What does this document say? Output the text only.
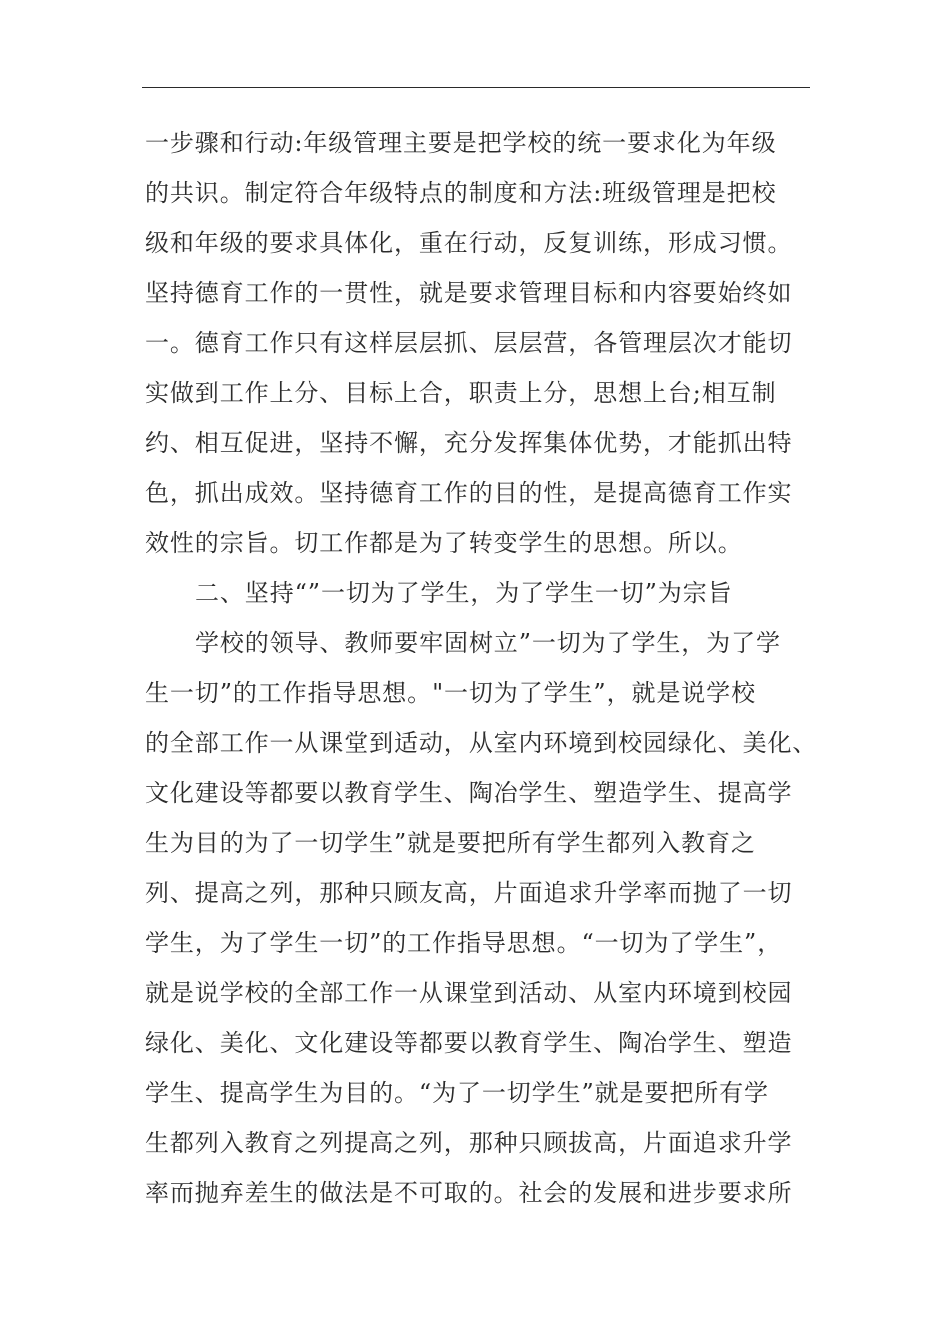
一步骤和行动:年级管理主要是把学校的统一要求化为年级
的共识。制定符合年级特点的制度和方法:班级管理是把校
级和年级的要求具体化，重在行动，反复训练，形成习惯。
坚持德育工作的一贯性，就是要求管理目标和内容要始终如
一。德育工作只有这样层层抓、层层营，各管理层次才能切
实做到工作上分、目标上合，职责上分，思想上台;相互制
约、相互促进，坚持不懈，充分发挥集体优势，才能抓出特
色，抓出成效。坚持德育工作的目的性，是提高德育工作实
效性的宗旨。切工作都是为了转变学生的思想。所以。
二、坚持“”一切为了学生，为了学生一切”为宗旨
学校的领导、教师要牢固树立”一切为了学生，为了学
生一切”的工作指导思想。"一切为了学生”，就是说学校
的全部工作一从课堂到适动，从室内环境到校园绿化、美化、
文化建设等都要以教育学生、陶冶学生、塑造学生、提高学
生为目的为了一切学生”就是要把所有学生都列入教育之
列、提高之列，那种只顾友高，片面追求升学率而抛了一切
学生，为了学生一切”的工作指导思想。“一切为了学生”，
就是说学校的全部工作一从课堂到活动、从室内环境到校园
绿化、美化、文化建设等都要以教育学生、陶冶学生、塑造
学生、提高学生为目的。“为了一切学生”就是要把所有学
生都列入教育之列提高之列，那种只顾拔高，片面追求升学
率而抛弃差生的做法是不可取的。社会的发展和进步要求所
